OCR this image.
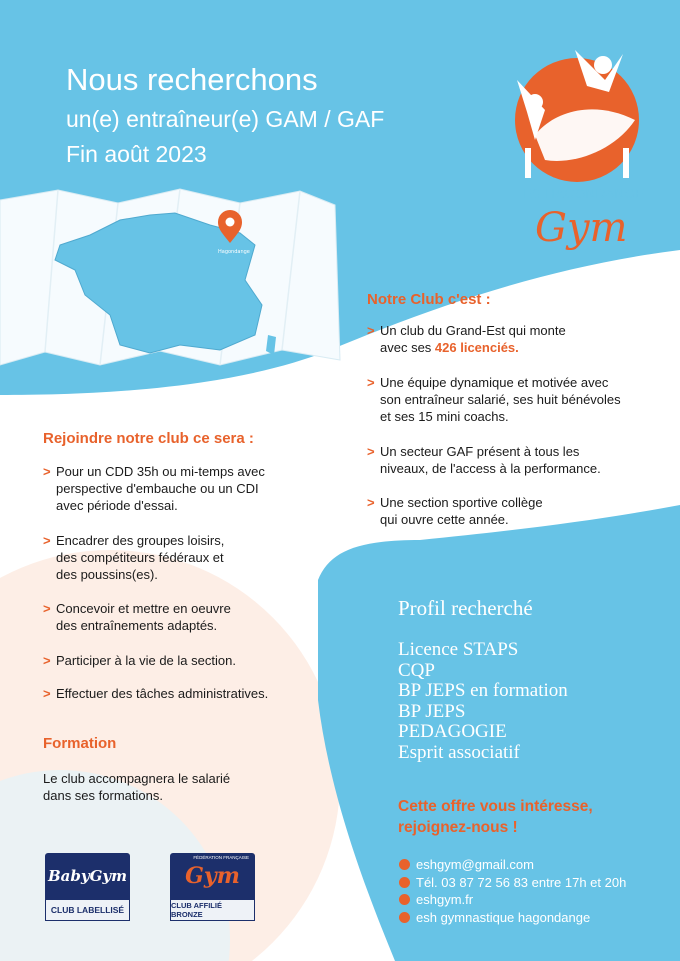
Nous recherchons
un(e) entraîneur(e) GAM / GAF
Fin août 2023
ES HAGONDANGE
Gym
Hagondange
Notre Club c'est :
> Un club du Grand-Est qui monte
avec ses 426 licenciés.
> Une équipe dynamique et motivée avec
son entraîneur salarié, ses huit bénévoles
et ses 15 mini coachs.
> Un secteur GAF présent à tous les
niveaux, de l'access à la performance.
> Une section sportive collège
qui ouvre cette année.
Rejoindre notre club ce sera :
> Pour un CDD 35h ou mi-temps avec
perspective d'embauche ou un CDI
avec période d'essai.
> Encadrer des groupes loisirs,
des compétiteurs fédéraux et
des poussins(es).
> Concevoir et mettre en oeuvre
des entraînements adaptés.
> Participer à la vie de la section.
> Effectuer des tâches administratives.
Formation
Le club accompagnera le salarié
dans ses formations.
BabyGym
CLUB LABELLISÉ
FÉDÉRATION FRANÇAISE
Gym
CLUB AFFILIÉ BRONZE
Profil recherché
Licence STAPS
CQP
BP JEPS en formation
BP JEPS
PEDAGOGIE
Esprit associatif
Cette offre vous intéresse,
rejoignez-nous !
eshgym@gmail.com
Tél. 03 87 72 56 83 entre 17h et 20h
eshgym.fr
esh gymnastique hagondange
